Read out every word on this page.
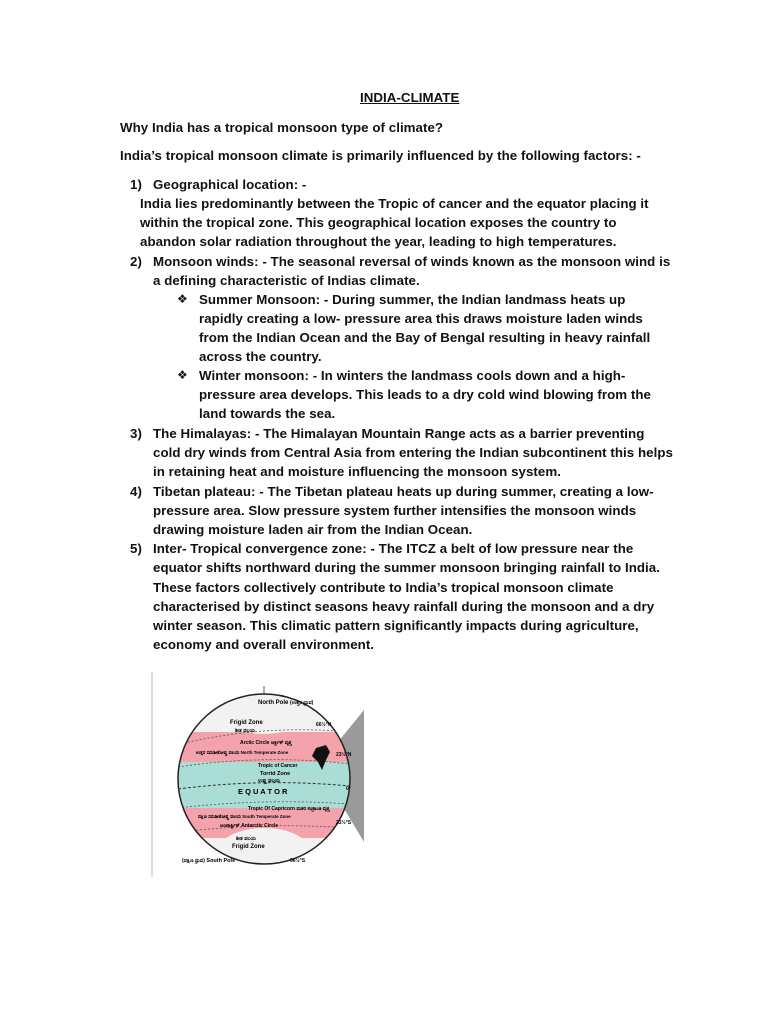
INDIA-CLIMATE
Why India has a tropical monsoon type of climate?
India’s tropical monsoon climate is primarily influenced by the following factors: -
1) Geographical location: -
India lies predominantly between the Tropic of cancer and the equator placing it
within the tropical zone. This geographical location exposes the country to
abandon solar radiation throughout the year, leading to high temperatures.
2) Monsoon winds: - The seasonal reversal of winds known as the monsoon wind is
a defining characteristic of Indias climate.
❖ Summer Monsoon: - During summer, the Indian landmass heats up
rapidly creating a low- pressure area this draws moisture laden winds
from the Indian Ocean and the Bay of Bengal resulting in heavy rainfall
across the country.
❖ Winter monsoon: - In winters the landmass cools down and a high-
pressure area develops. This leads to a dry cold wind blowing from the
land towards the sea.
3) The Himalayas: - The Himalayan Mountain Range acts as a barrier preventing
cold dry winds from Central Asia from entering the Indian subcontinent this helps
in retaining heat and moisture influencing the monsoon system.
4) Tibetan plateau: - The Tibetan plateau heats up during summer, creating a low-
pressure area. Slow pressure system further intensifies the monsoon winds
drawing moisture laden air from the Indian Ocean.
5) Inter- Tropical convergence zone: - The ITCZ a belt of low pressure near the
equator shifts northward during the summer monsoon bringing rainfall to India.
These factors collectively contribute to India’s tropical monsoon climate
characterised by distinct seasons heavy rainfall during the monsoon and a dry
winter season. This climatic pattern significantly impacts during agriculture,
economy and overall environment.
North Pole (ಉತ್ತರ ಧ್ರುವ)
Frigid Zone
ಶೀತ ವಲಯ
66½°N
Arctic Circle ಆರ್ಕ್ಟಿಕ್ ವೃತ್ತ
ಉತ್ತರ ಸಮಶೀತೋಷ್ಣ ವಲಯ North Temperate Zone	23½°N
Tropic of Cancer
Torrid Zone
ಉಷ್ಣ ವಲಯ
E Q U A T O R	0°
Tropic Of Capricorn ಮಕರ ಸಂಕ್ರಾಂತಿ ವೃತ್ತ
ದಕ್ಷಿಣ ಸಮಶೀತೋಷ್ಣ ವಲಯ South Temperate Zone
ಅಂಟಾರ್ಕ್ಟಿಕ್ Antarctic Circle	23½°S
ಶೀತ ವಲಯ
Frigid Zone
(ದಕ್ಷಿಣ ಧ್ರುವ) South Pole	66½°S
